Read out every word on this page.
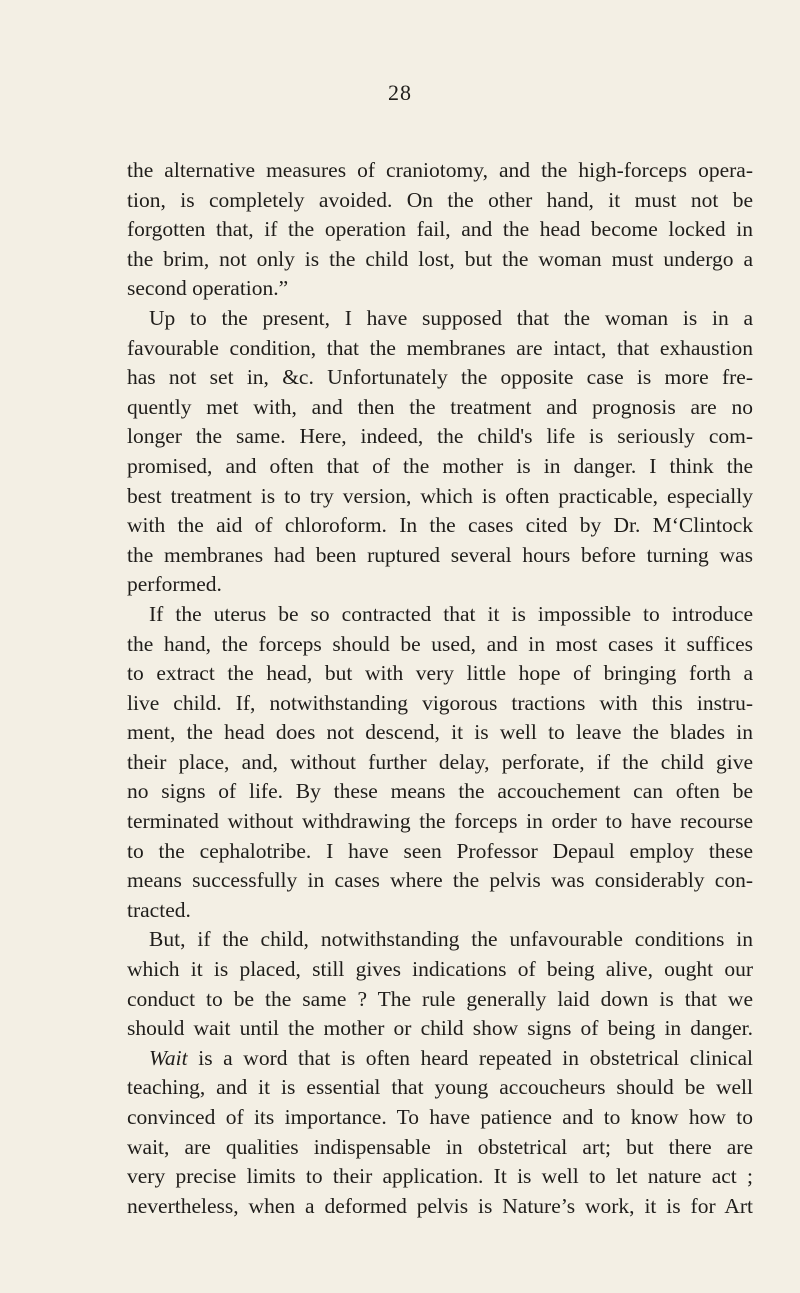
28
the alternative measures of craniotomy, and the high-forceps opera-
tion, is completely avoided. On the other hand, it must not be
forgotten that, if the operation fail, and the head become locked in
the brim, not only is the child lost, but the woman must undergo a
second operation.”
Up to the present, I have supposed that the woman is in a
favourable condition, that the membranes are intact, that exhaustion
has not set in, &c. Unfortunately the opposite case is more fre-
quently met with, and then the treatment and prognosis are no
longer the same. Here, indeed, the child's life is seriously com-
promised, and often that of the mother is in danger. I think the
best treatment is to try version, which is often practicable, especially
with the aid of chloroform. In the cases cited by Dr. M‘Clintock
the membranes had been ruptured several hours before turning was
performed.
If the uterus be so contracted that it is impossible to introduce
the hand, the forceps should be used, and in most cases it suffices
to extract the head, but with very little hope of bringing forth a
live child. If, notwithstanding vigorous tractions with this instru-
ment, the head does not descend, it is well to leave the blades in
their place, and, without further delay, perforate, if the child give
no signs of life. By these means the accouchement can often be
terminated without withdrawing the forceps in order to have recourse
to the cephalotribe. I have seen Professor Depaul employ these
means successfully in cases where the pelvis was considerably con-
tracted.
But, if the child, notwithstanding the unfavourable conditions in
which it is placed, still gives indications of being alive, ought our
conduct to be the same ? The rule generally laid down is that we
should wait until the mother or child show signs of being in danger.
Wait is a word that is often heard repeated in obstetrical clinical
teaching, and it is essential that young accoucheurs should be well
convinced of its importance. To have patience and to know how to
wait, are qualities indispensable in obstetrical art; but there are
very precise limits to their application. It is well to let nature act ;
nevertheless, when a deformed pelvis is Nature’s work, it is for Art
